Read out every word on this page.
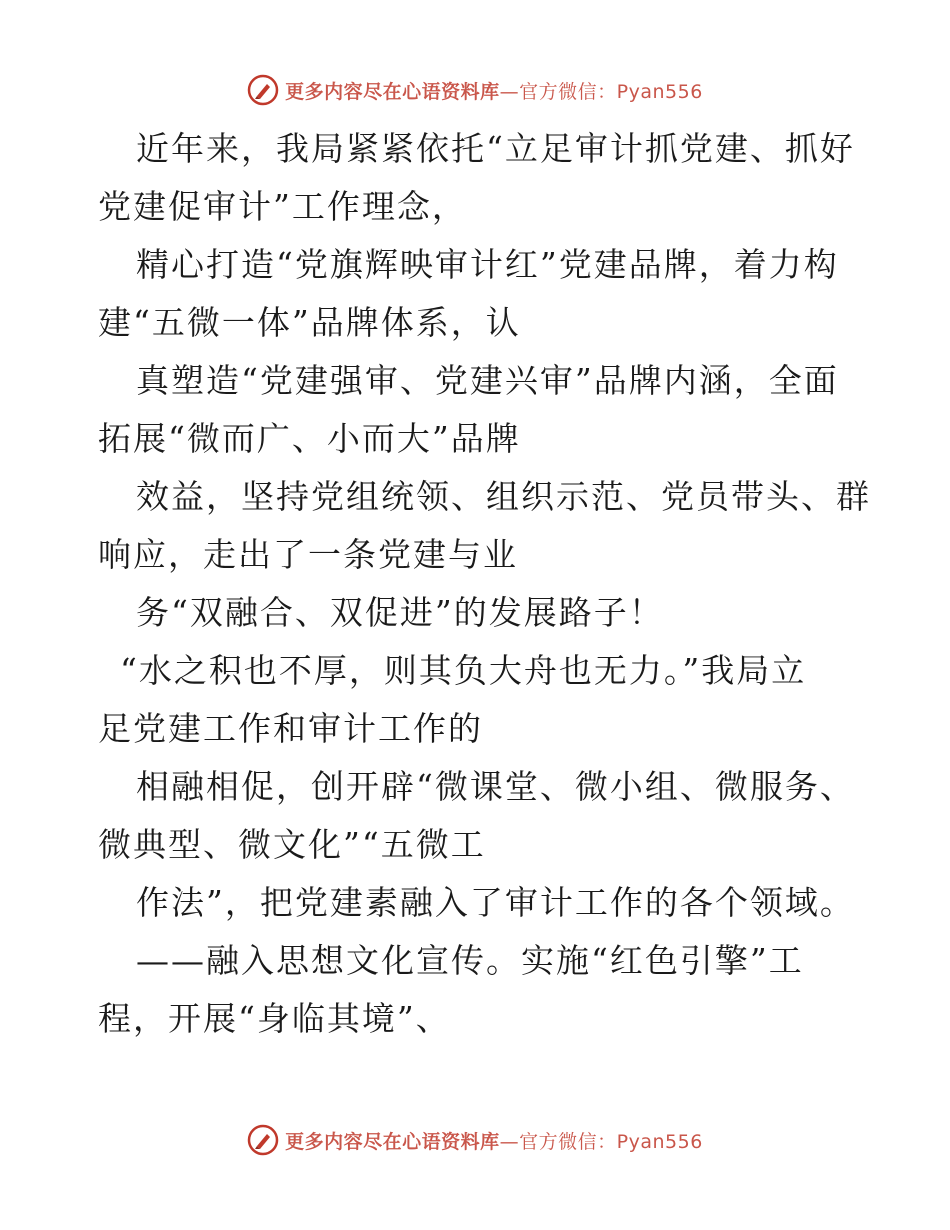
更多内容尽在心语资料库—官方微信：Pyan556
近年来，我局紧紧依托“立足审计抓党建、抓好
党建促审计”工作理念，
精心打造“党旗辉映审计红”党建品牌，着力构
建“五微一体”品牌体系，认
真塑造“党建强审、党建兴审”品牌内涵，全面
拓展“微而广、小而大”品牌
效益，坚持党组统领、组织示范、党员带头、群
响应，走出了一条党建与业
务“双融合、双促进”的发展路子！
“水之积也不厚，则其负大舟也无力。”我局立
足党建工作和审计工作的
相融相促，创开辟“微课堂、微小组、微服务、
微典型、微文化”“五微工
作法”，把党建素融入了审计工作的各个领域。
——融入思想文化宣传。实施“红色引擎”工
程，开展“身临其境”、
更多内容尽在心语资料库—官方微信：Pyan556
